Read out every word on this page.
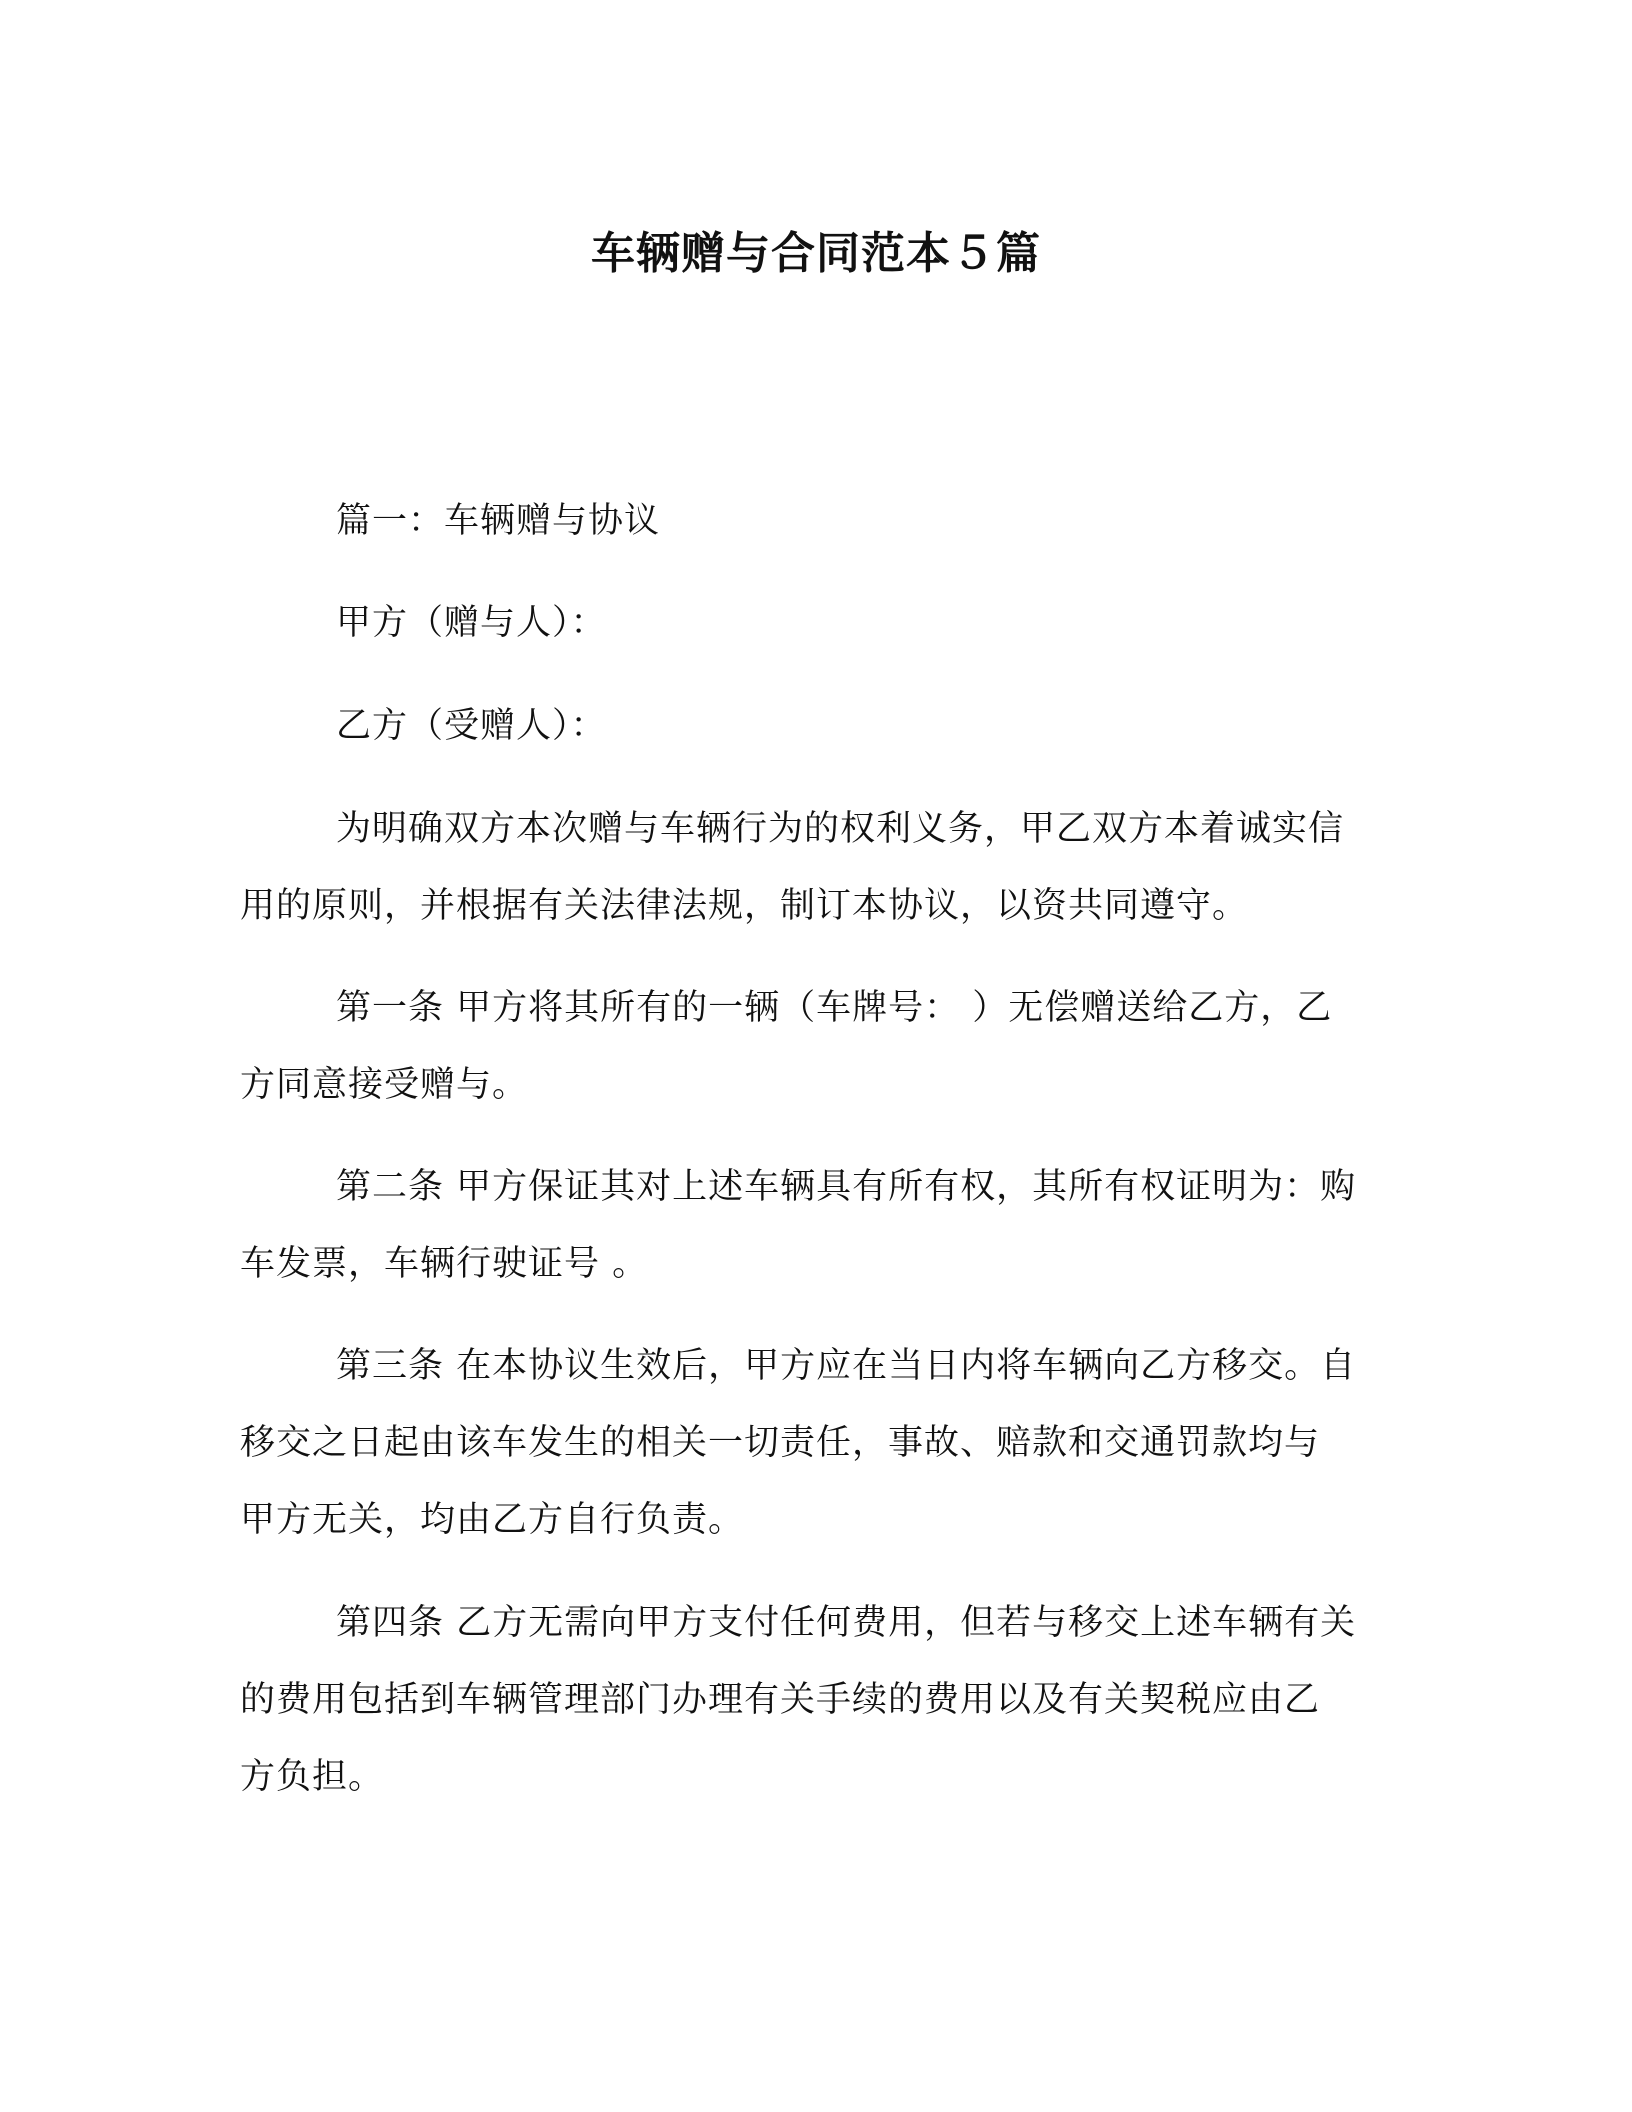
车辆赠与合同范本５篇
篇一：车辆赠与协议
甲方（赠与人）：
乙方（受赠人）：
为明确双方本次赠与车辆行为的权利义务，甲乙双方本着诚实信
用的原则，并根据有关法律法规，制订本协议，以资共同遵守。
第一条 甲方将其所有的一辆（车牌号： ）无偿赠送给乙方，乙
方同意接受赠与。
第二条 甲方保证其对上述车辆具有所有权，其所有权证明为：购
车发票，车辆行驶证号 。
第三条 在本协议生效后，甲方应在当日内将车辆向乙方移交。自
移交之日起由该车发生的相关一切责任，事故、赔款和交通罚款均与
甲方无关，均由乙方自行负责。
第四条 乙方无需向甲方支付任何费用，但若与移交上述车辆有关
的费用包括到车辆管理部门办理有关手续的费用以及有关契税应由乙
方负担。
